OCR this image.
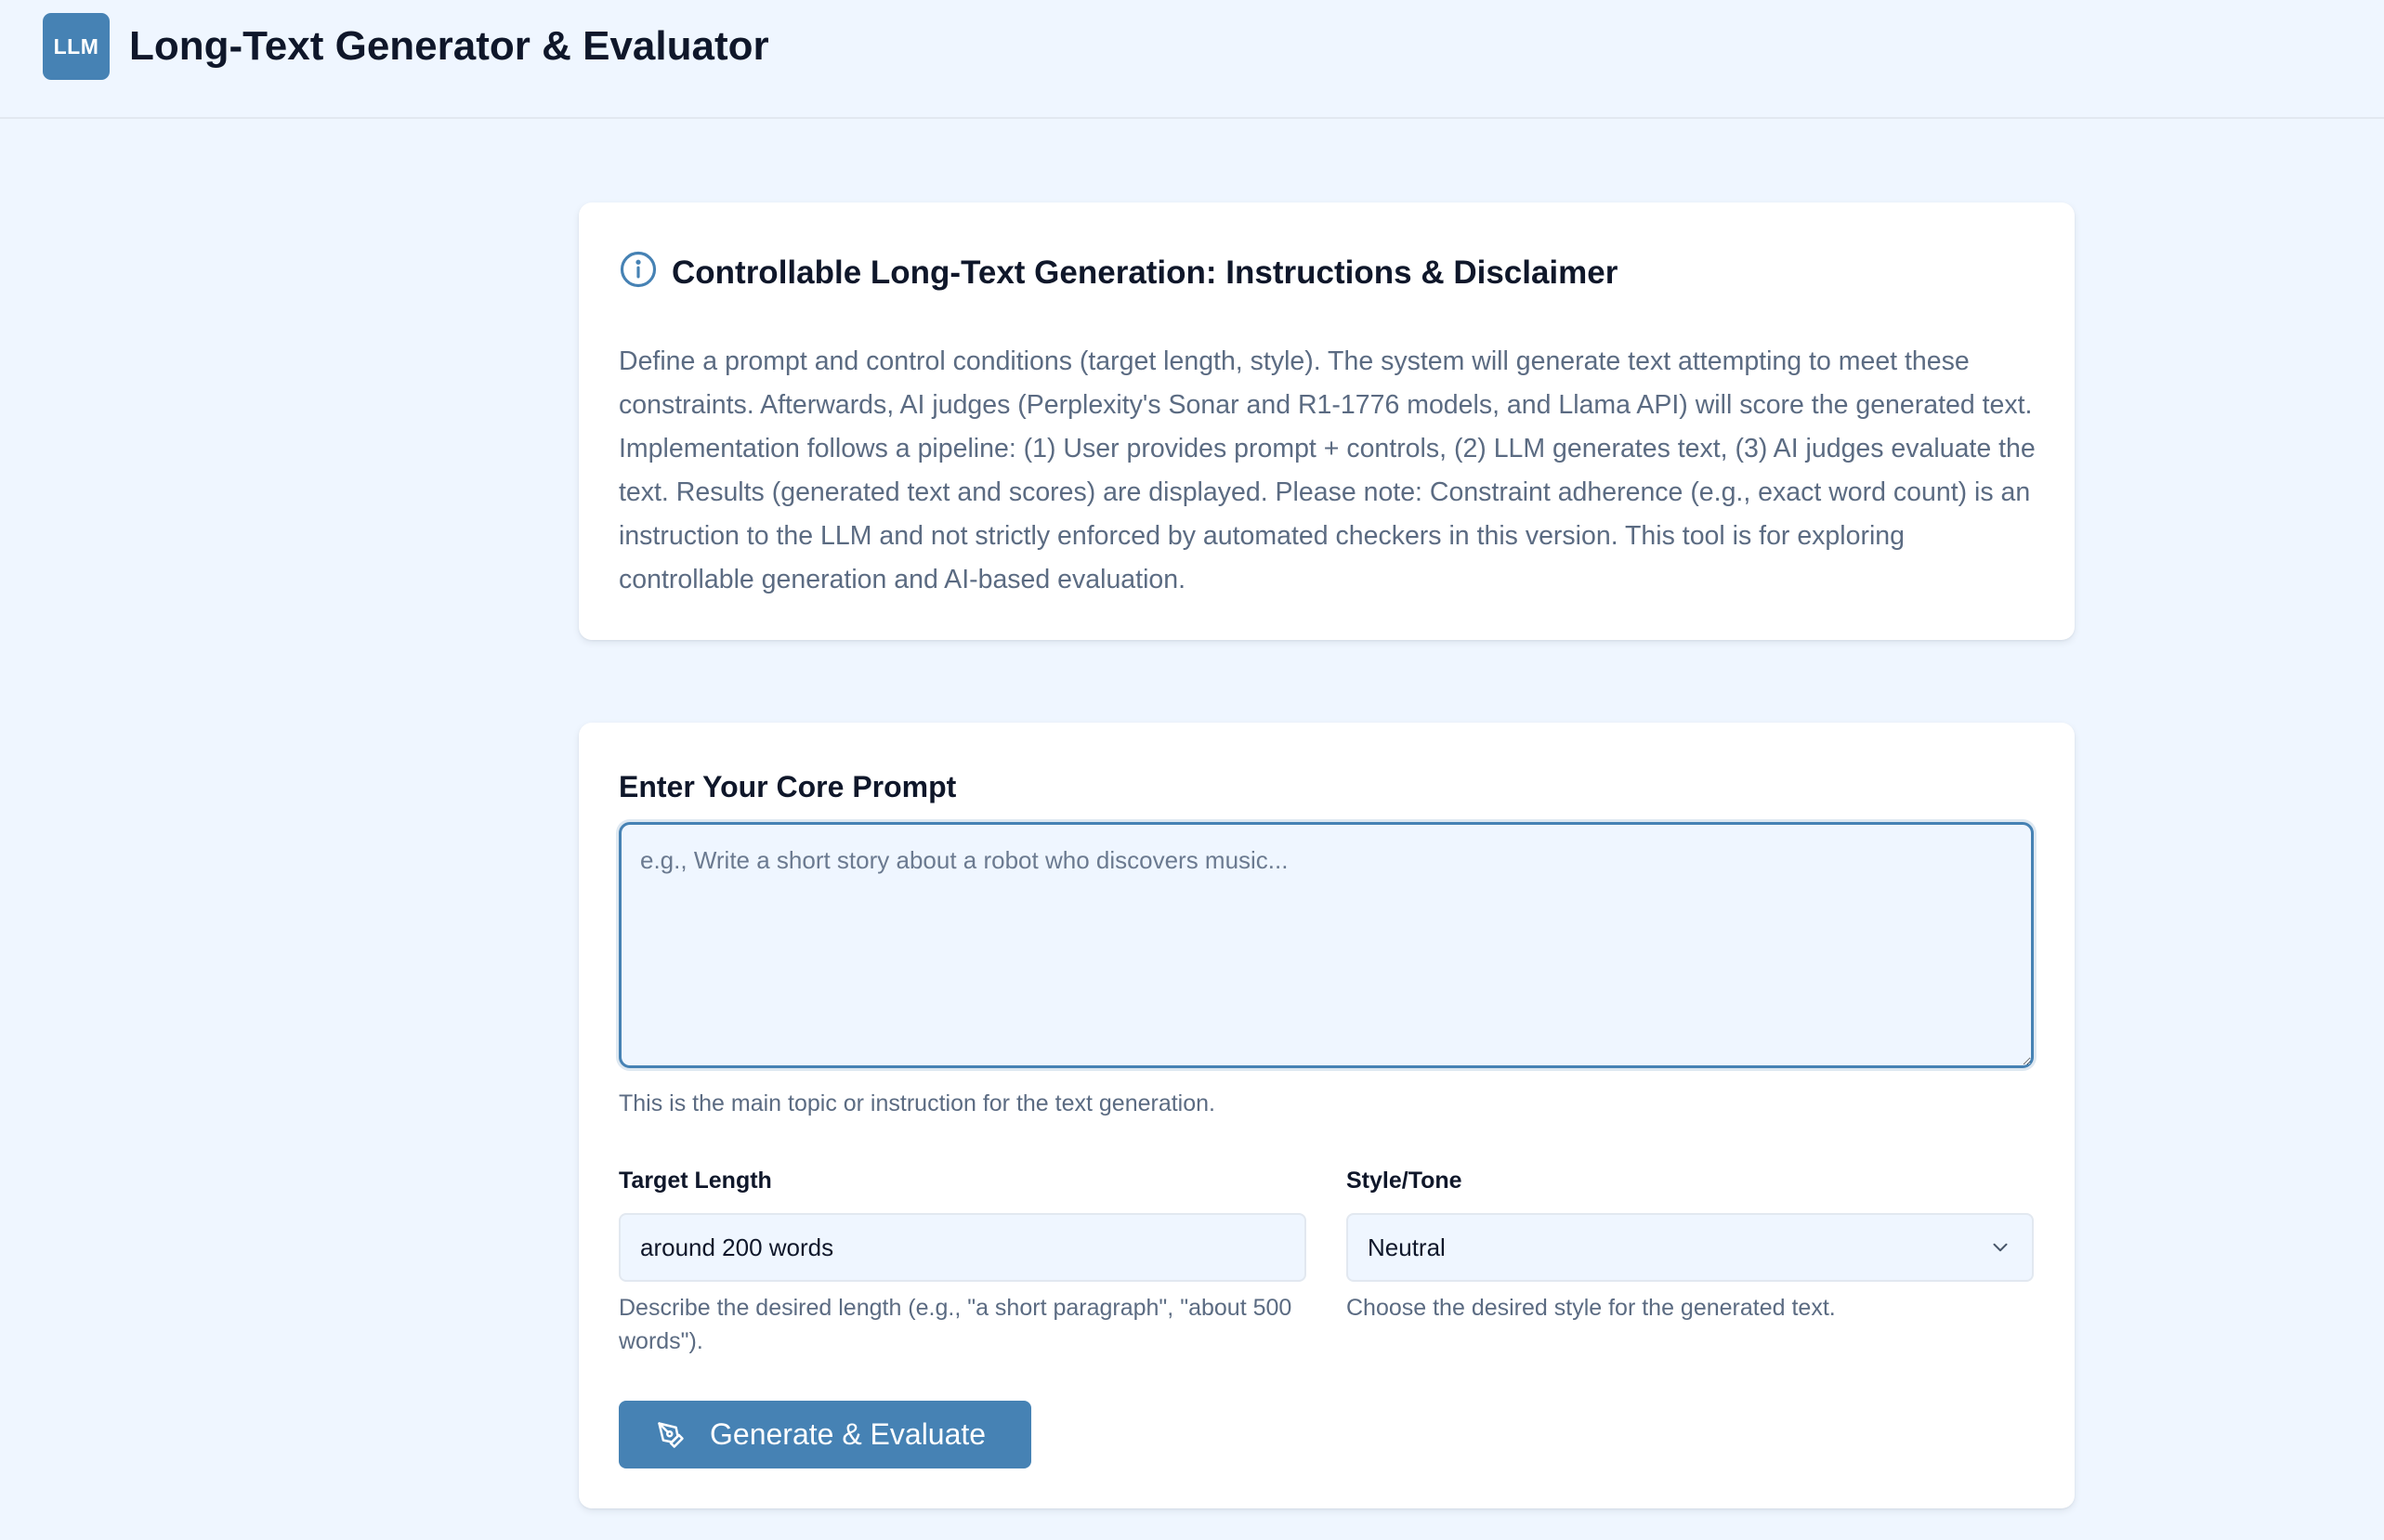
LLM Long-Text Generator & Evaluator
Controllable Long-Text Generation: Instructions & Disclaimer
Define a prompt and control conditions (target length, style). The system will generate text attempting to meet these constraints. Afterwards, AI judges (Perplexity's Sonar and R1-1776 models, and Llama API) will score the generated text. Implementation follows a pipeline: (1) User provides prompt + controls, (2) LLM generates text, (3) AI judges evaluate the text. Results (generated text and scores) are displayed. Please note: Constraint adherence (e.g., exact word count) is an instruction to the LLM and not strictly enforced by automated checkers in this version. This tool is for exploring controllable generation and AI-based evaluation.
Enter Your Core Prompt
e.g., Write a short story about a robot who discovers music...
This is the main topic or instruction for the text generation.
Target Length
around 200 words
Describe the desired length (e.g., "a short paragraph", "about 500 words").
Style/Tone
Neutral
Choose the desired style for the generated text.
Generate & Evaluate
